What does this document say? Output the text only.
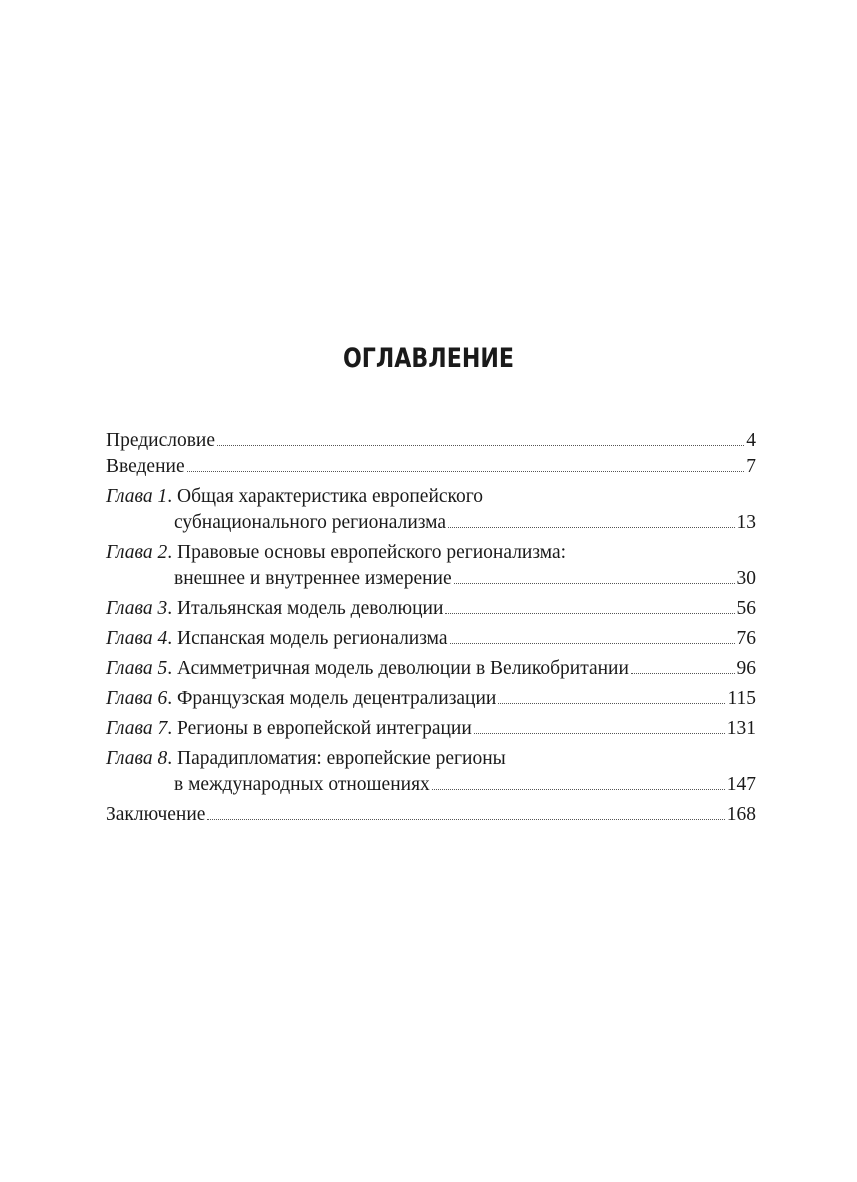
ОГЛАВЛЕНИЕ
Предисловие	4
Введение	7
Глава 1. Общая характеристика европейского
субнационального регионализма	13
Глава 2. Правовые основы европейского регионализма:
внешнее и внутреннее измерение	30
Глава 3. Итальянская модель деволюции	56
Глава 4. Испанская модель регионализма	76
Глава 5. Асимметричная модель деволюции в Великобритании	96
Глава 6. Французская модель децентрализации	115
Глава 7. Регионы в европейской интеграции	131
Глава 8. Парадипломатия: европейские регионы
в международных отношениях	147
Заключение	168
